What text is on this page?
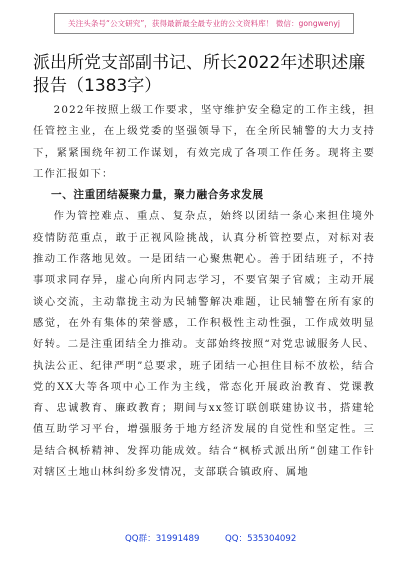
关注头条号“公文研究”，获得最新最全最专业的公文资料库！ 微信：gongwenyj
派出所党支部副书记、所长2022年述职述廉报告（1383字）

2022年按照上级工作要求，坚守维护安全稳定的工作主线，担任管控主业，在上级党委的坚强领导下，在全所民辅警的大力支持下，紧紧围绕年初工作谋划，有效完成了各项工作任务。现将主要工作汇报如下：

一、注重团结凝聚力量，聚力融合务求发展

作为管控难点、重点、复杂点，始终以团结一条心来担住境外疫情防范重点，敢于正视风险挑战，认真分析管控要点，对标对表推动工作落地见效。一是团结一心聚焦靶心。善于团结班子，不持事项求同存异，虚心向所内同志学习，不要官架子官威；主动开展谈心交流，主动靠拢主动为民辅警解决难题，让民辅警在所有家的感觉，在外有集体的荣誉感，工作积极性主动性强，工作成效明显好转。二是注重团结全力推动。支部始终按照“对党忠诚服务人民、执法公正、纪律严明”总要求，班子团结一心担住目标不放松，结合党的XX大等各项中心工作为主线，常态化开展政治教育、党课教育、忠诚教育、廉政教育；期间与xx签订联创联建协议书，搭建轮值互助学习平台，增强服务于地方经济发展的自觉性和坚定性。三是结合枫桥精神、发挥功能成效。结合“枫桥式派出所”创建工作针对辖区土地山林纠纷多发情况，支部联合镇政府、属地

QQ群：31991489	QQ：535304092
